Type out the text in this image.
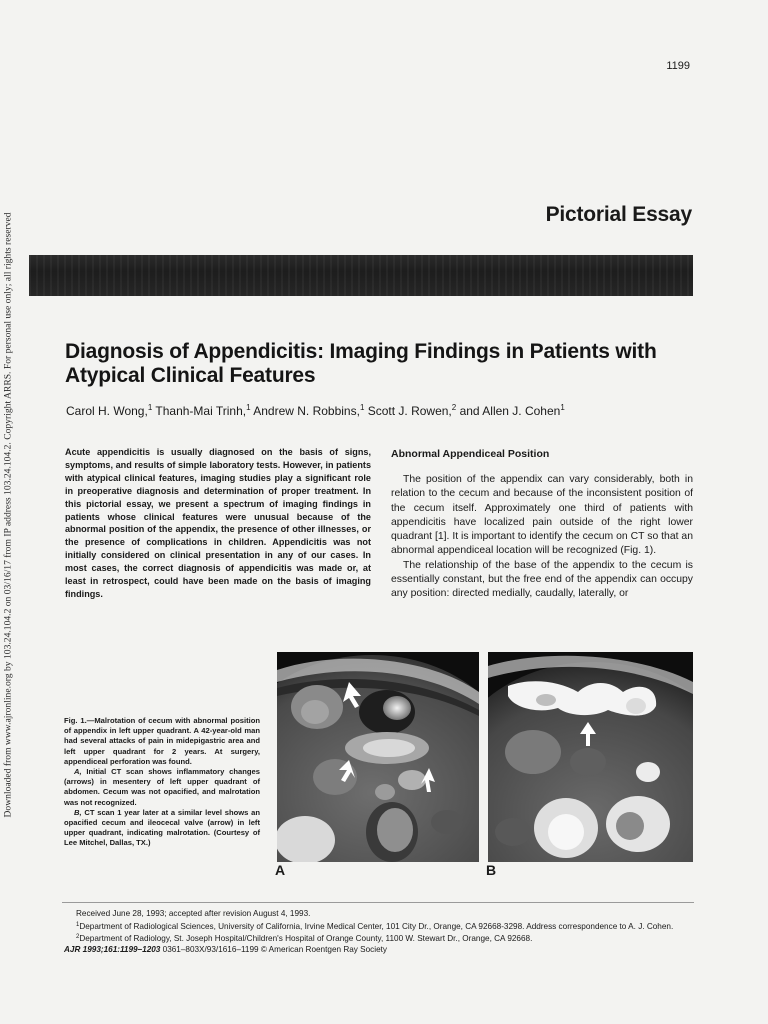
Downloaded from www.ajronline.org by 103.24.104.2 on 03/16/17 from IP address 103.24.104.2. Copyright ARRS. For personal use only; all rights reserved
1199
Pictorial Essay
Diagnosis of Appendicitis: Imaging Findings in Patients with Atypical Clinical Features
Carol H. Wong,$^1$ Thanh-Mai Trinh,$^1$ Andrew N. Robbins,$^1$ Scott J. Rowen,$^2$ and Allen J. Cohen$^1$
Acute appendicitis is usually diagnosed on the basis of signs, symptoms, and results of simple laboratory tests. However, in patients with atypical clinical features, imaging studies play a significant role in preoperative diagnosis and determination of proper treatment. In this pictorial essay, we present a spectrum of imaging findings in patients whose clinical features were unusual because of the abnormal position of the appendix, the presence of other illnesses, or the presence of complications in children. Appendicitis was not initially considered on clinical presentation in any of our cases. In most cases, the correct diagnosis of appendicitis was made or, at least in retrospect, could have been made on the basis of imaging findings.
Abnormal Appendiceal Position

The position of the appendix can vary considerably, both in relation to the cecum and because of the inconsistent position of the cecum itself. Approximately one third of patients with appendicitis have localized pain outside of the right lower quadrant [1]. It is important to identify the cecum on CT so that an abnormal appendiceal location will be recognized (Fig. 1).

The relationship of the base of the appendix to the cecum is essentially constant, but the free end of the appendix can occupy any position: directed medially, caudally, laterally, or

Fig. 1.—Malrotation of cecum with abnormal position of appendix in left upper quadrant. A 42-year-old man had several attacks of pain in midepigastric area and left upper quadrant for 2 years. At surgery, appendiceal perforation was found.

A, Initial CT scan shows inflammatory changes (arrows) in mesentery of left upper quadrant of abdomen. Cecum was not opacified, and malrotation was not recognized.

B, CT scan 1 year later at a similar level shows an opacified cecum and ileocecal valve (arrow) in left upper quadrant, indicating malrotation. (Courtesy of Lee Mitchel, Dallas, TX.)

A	B

Received June 28, 1993; accepted after revision August 4, 1993.

$^1$Department of Radiological Sciences, University of California, Irvine Medical Center, 101 City Dr., Orange, CA 92668-3298. Address correspondence to A. J. Cohen.

$^2$Department of Radiology, St. Joseph Hospital/Children's Hospital of Orange County, 1100 W. Stewart Dr., Orange, CA 92668.

AJR 1993;161:1199–1203 0361–803X/93/1616–1199 © American Roentgen Ray Society
